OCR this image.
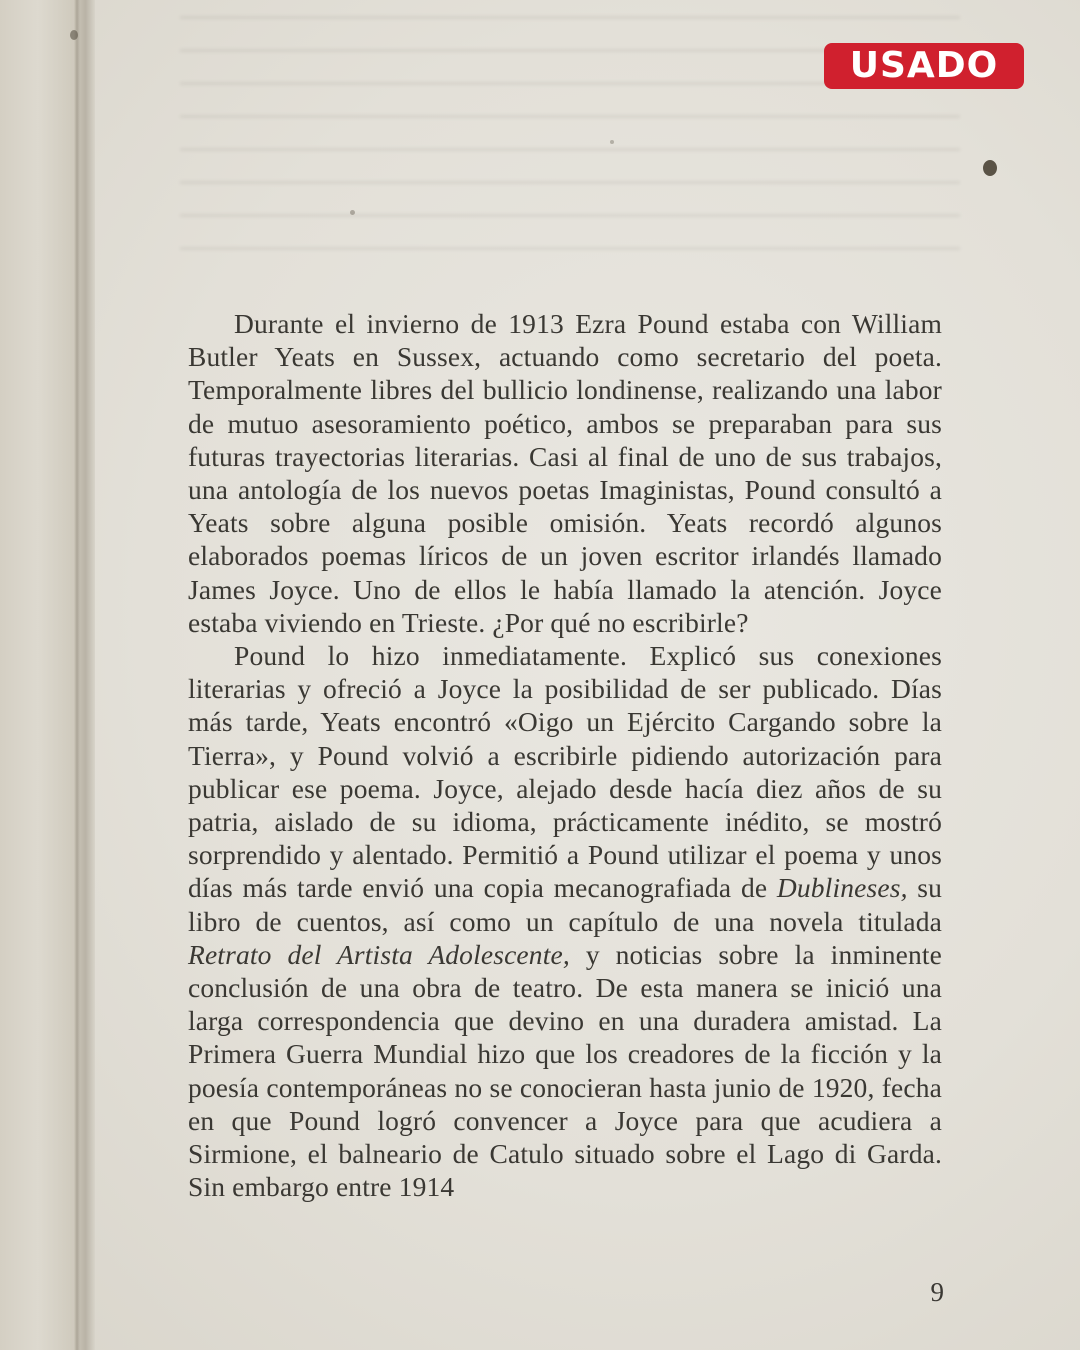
USADO

Durante el invierno de 1913 Ezra Pound estaba con William Butler Yeats en Sussex, actuando como secretario del poeta. Temporalmente libres del bullicio londinense, realizando una labor de mutuo asesoramiento poético, ambos se preparaban para sus futuras trayectorias literarias. Casi al final de uno de sus trabajos, una antología de los nuevos poetas Imaginistas, Pound consultó a Yeats sobre alguna posible omisión. Yeats recordó algunos elaborados poemas líricos de un joven escritor irlandés llamado James Joyce. Uno de ellos le había llamado la atención. Joyce estaba viviendo en Trieste. ¿Por qué no escribirle?

Pound lo hizo inmediatamente. Explicó sus conexiones literarias y ofreció a Joyce la posibilidad de ser publicado. Días más tarde, Yeats encontró «Oigo un Ejército Cargando sobre la Tierra», y Pound volvió a escribirle pidiendo autorización para publicar ese poema. Joyce, alejado desde hacía diez años de su patria, aislado de su idioma, prácticamente inédito, se mostró sorprendido y alentado. Permitió a Pound utilizar el poema y unos días más tarde envió una copia mecanografiada de Dublineses, su libro de cuentos, así como un capítulo de una novela titulada Retrato del Artista Adolescente, y noticias sobre la inminente conclusión de una obra de teatro. De esta manera se inició una larga correspondencia que devino en una duradera amistad. La Primera Guerra Mundial hizo que los creadores de la ficción y la poesía contemporáneas no se conocieran hasta junio de 1920, fecha en que Pound logró convencer a Joyce para que acudiera a Sirmione, el balneario de Catulo situado sobre el Lago di Garda. Sin embargo entre 1914

9
